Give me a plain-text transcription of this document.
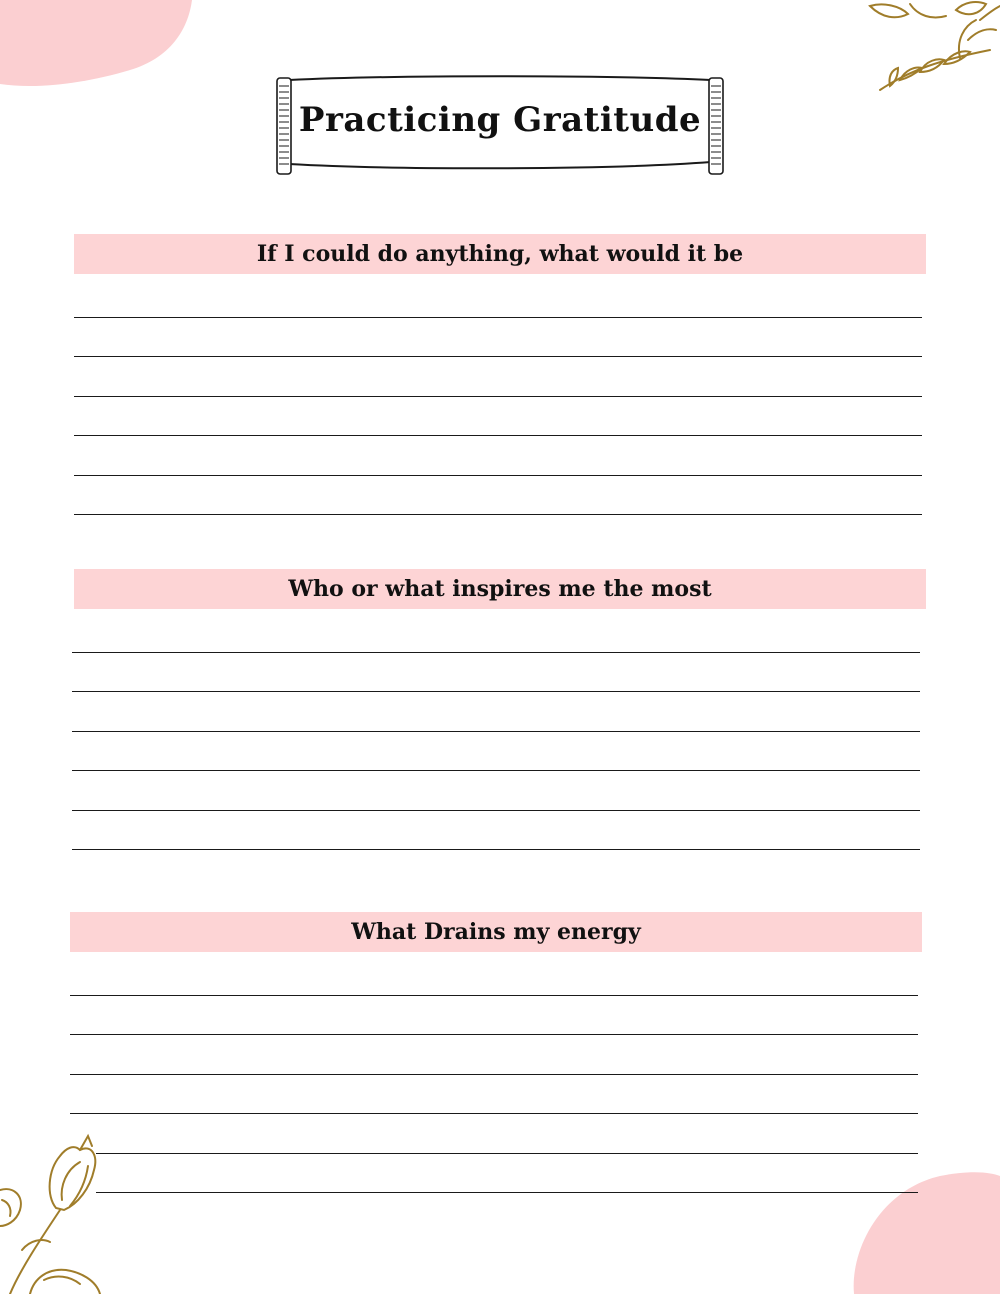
Practicing Gratitude
If I could do anything, what would it be
Who or what inspires me the most
What Drains my energy
